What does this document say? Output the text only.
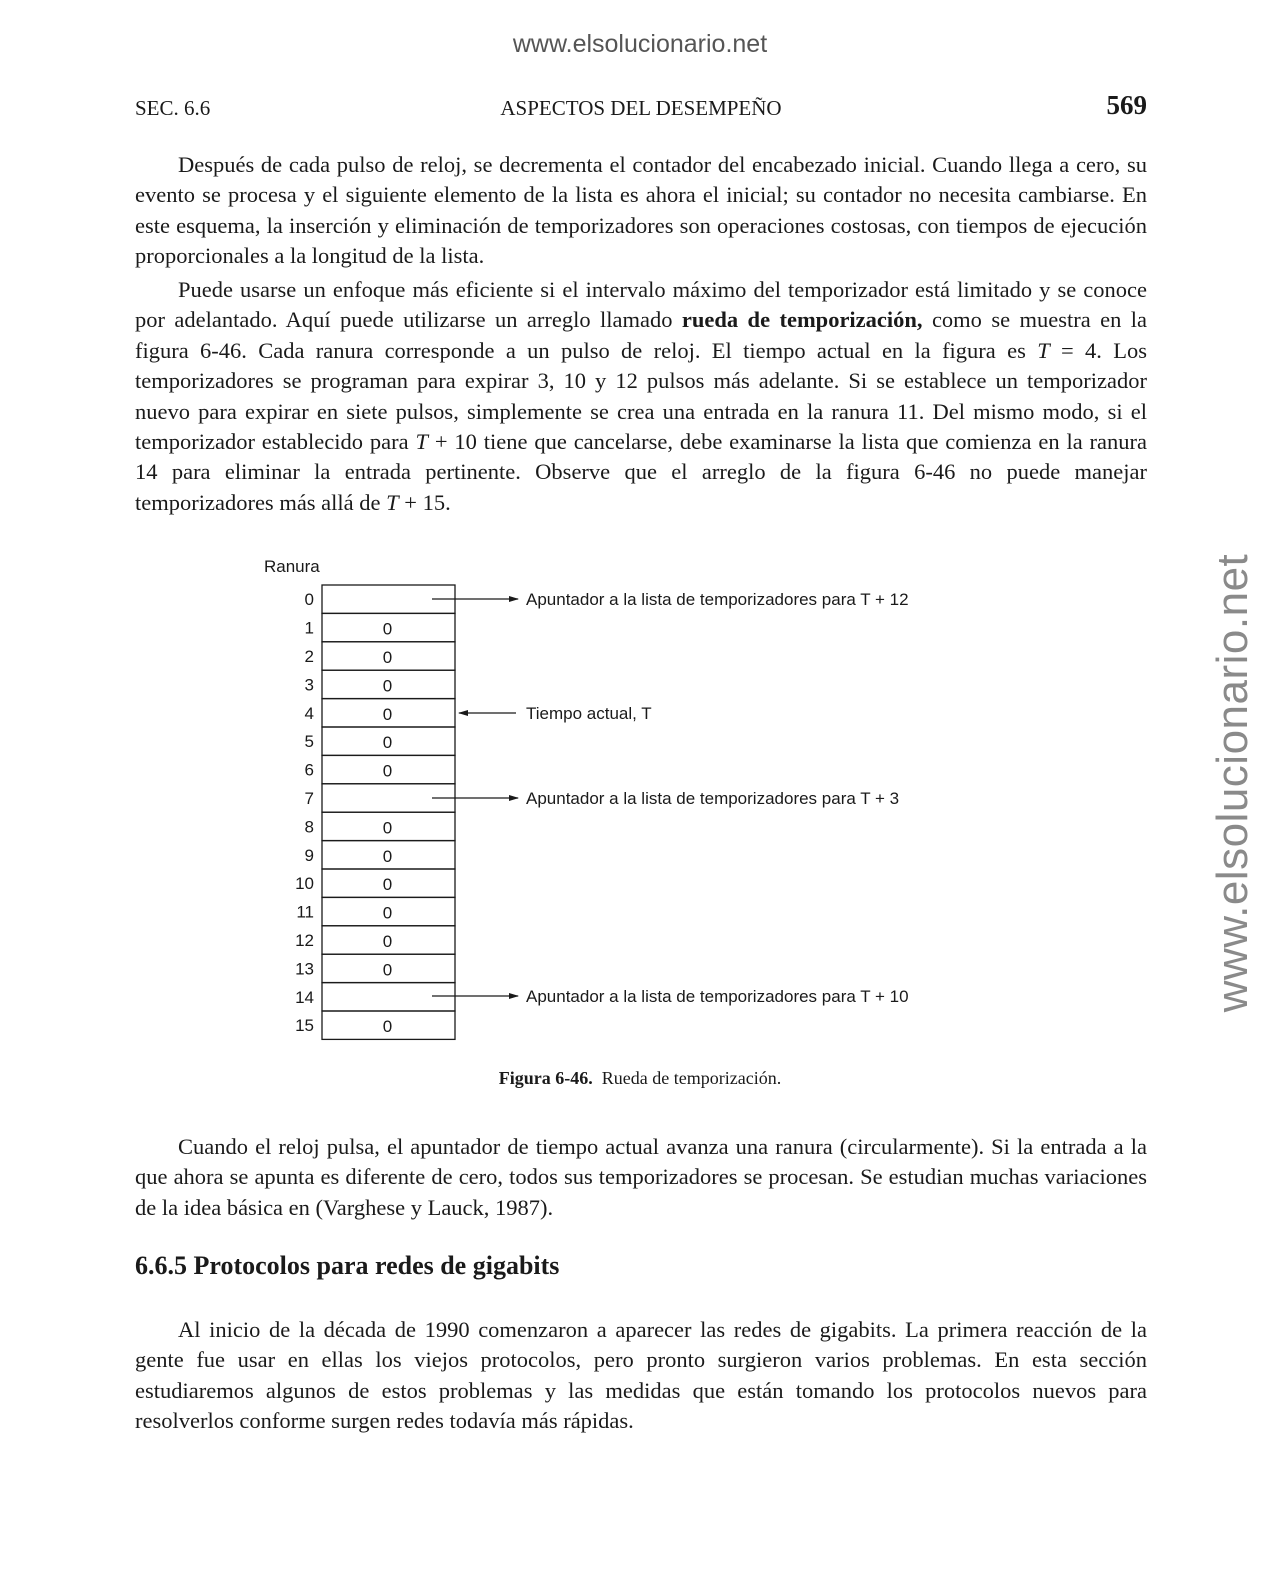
www.elsolucionario.net
www.elsolucionario.net
SEC. 6.6	ASPECTOS DEL DESEMPEÑO	569

Después de cada pulso de reloj, se decrementa el contador del encabezado inicial. Cuando llega a cero, su evento se procesa y el siguiente elemento de la lista es ahora el inicial; su contador no necesita cambiarse. En este esquema, la inserción y eliminación de temporizadores son operaciones costosas, con tiempos de ejecución proporcionales a la longitud de la lista.

Puede usarse un enfoque más eficiente si el intervalo máximo del temporizador está limitado y se conoce por adelantado. Aquí puede utilizarse un arreglo llamado rueda de temporización, como se muestra en la figura 6-46. Cada ranura corresponde a un pulso de reloj. El tiempo actual en la figura es T = 4. Los temporizadores se programan para expirar 3, 10 y 12 pulsos más adelante. Si se establece un temporizador nuevo para expirar en siete pulsos, simplemente se crea una entrada en la ranura 11. Del mismo modo, si el temporizador establecido para T + 10 tiene que cancelarse, debe examinarse la lista que comienza en la ranura 14 para eliminar la entrada pertinente. Observe que el arreglo de la figura 6-46 no puede manejar temporizadores más allá de T + 15.

Ranura
0
1	0
2	0
3	0
4	0
5	0
6	0
7
8	0
9	0
10	0
11	0
12	0
13	0
14
15	0
Apuntador a la lista de temporizadores para T + 12
Tiempo actual, T
Apuntador a la lista de temporizadores para T + 3
Apuntador a la lista de temporizadores para T + 10
Figura 6-46. Rueda de temporización.

Cuando el reloj pulsa, el apuntador de tiempo actual avanza una ranura (circularmente). Si la entrada a la que ahora se apunta es diferente de cero, todos sus temporizadores se procesan. Se estudian muchas variaciones de la idea básica en (Varghese y Lauck, 1987).

6.6.5 Protocolos para redes de gigabits

Al inicio de la década de 1990 comenzaron a aparecer las redes de gigabits. La primera reacción de la gente fue usar en ellas los viejos protocolos, pero pronto surgieron varios problemas. En esta sección estudiaremos algunos de estos problemas y las medidas que están tomando los protocolos nuevos para resolverlos conforme surgen redes todavía más rápidas.
